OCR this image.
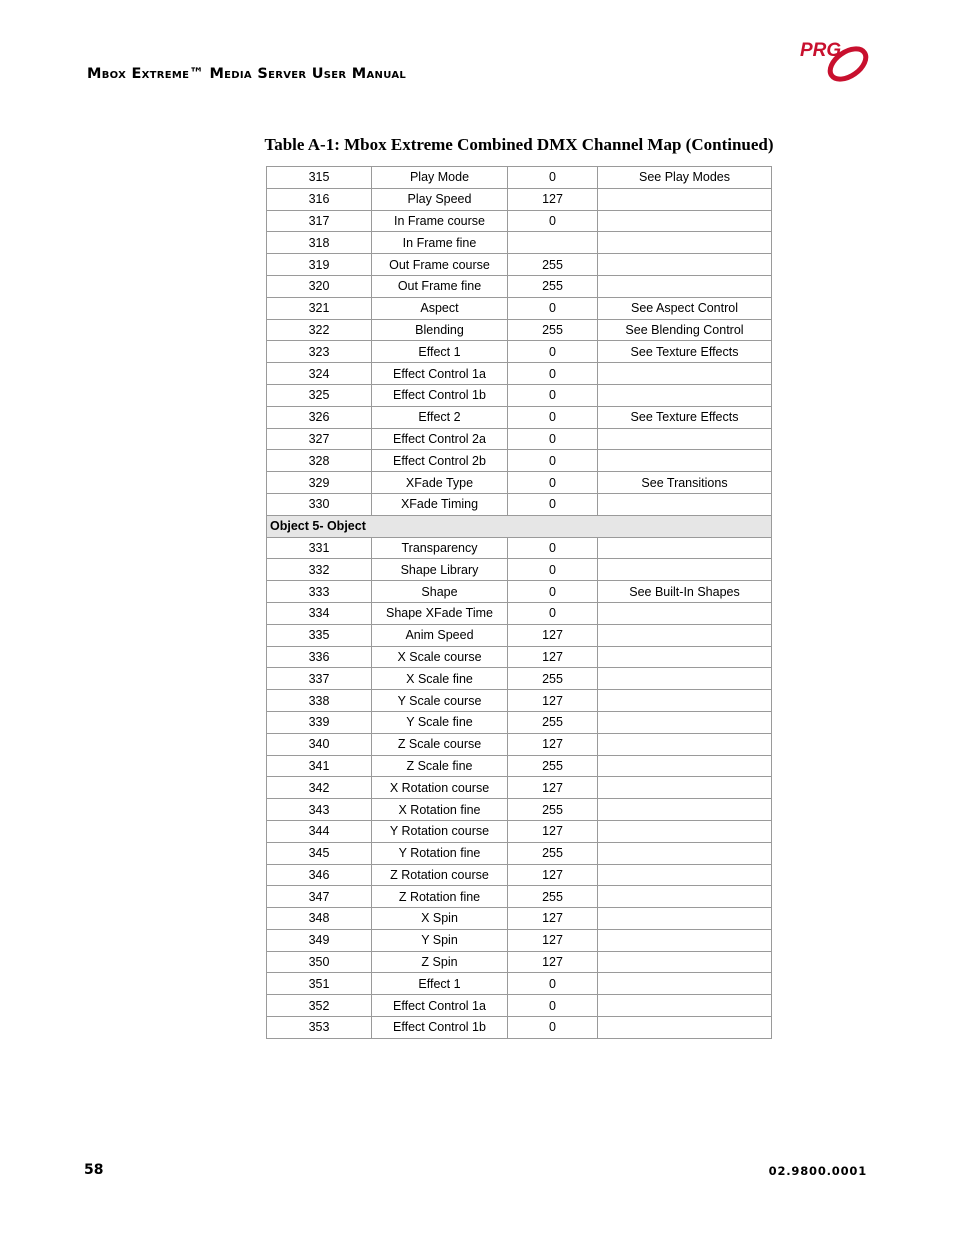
Mbox Extreme™ Media Server User Manual
PRG
Table A-1: Mbox Extreme Combined DMX Channel Map (Continued)
315	Play Mode	0	See Play Modes
316	Play Speed	127	
317	In Frame course	0	
318	In Frame fine		
319	Out Frame course	255	
320	Out Frame fine	255	
321	Aspect	0	See Aspect Control
322	Blending	255	See Blending Control
323	Effect 1	0	See Texture Effects
324	Effect Control 1a	0	
325	Effect Control 1b	0	
326	Effect 2	0	See Texture Effects
327	Effect Control 2a	0	
328	Effect Control 2b	0	
329	XFade Type	0	See Transitions
330	XFade Timing	0	
Object 5- Object			
331	Transparency	0	
332	Shape Library	0	
333	Shape	0	See Built-In Shapes
334	Shape XFade Time	0	
335	Anim Speed	127	
336	X Scale course	127	
337	X Scale fine	255	
338	Y Scale course	127	
339	Y Scale fine	255	
340	Z Scale course	127	
341	Z Scale fine	255	
342	X Rotation course	127	
343	X Rotation fine	255	
344	Y Rotation course	127	
345	Y Rotation fine	255	
346	Z Rotation course	127	
347	Z Rotation fine	255	
348	X Spin	127	
349	Y Spin	127	
350	Z Spin	127	
351	Effect 1	0	
352	Effect Control 1a	0	
353	Effect Control 1b	0	
58	02.9800.0001
